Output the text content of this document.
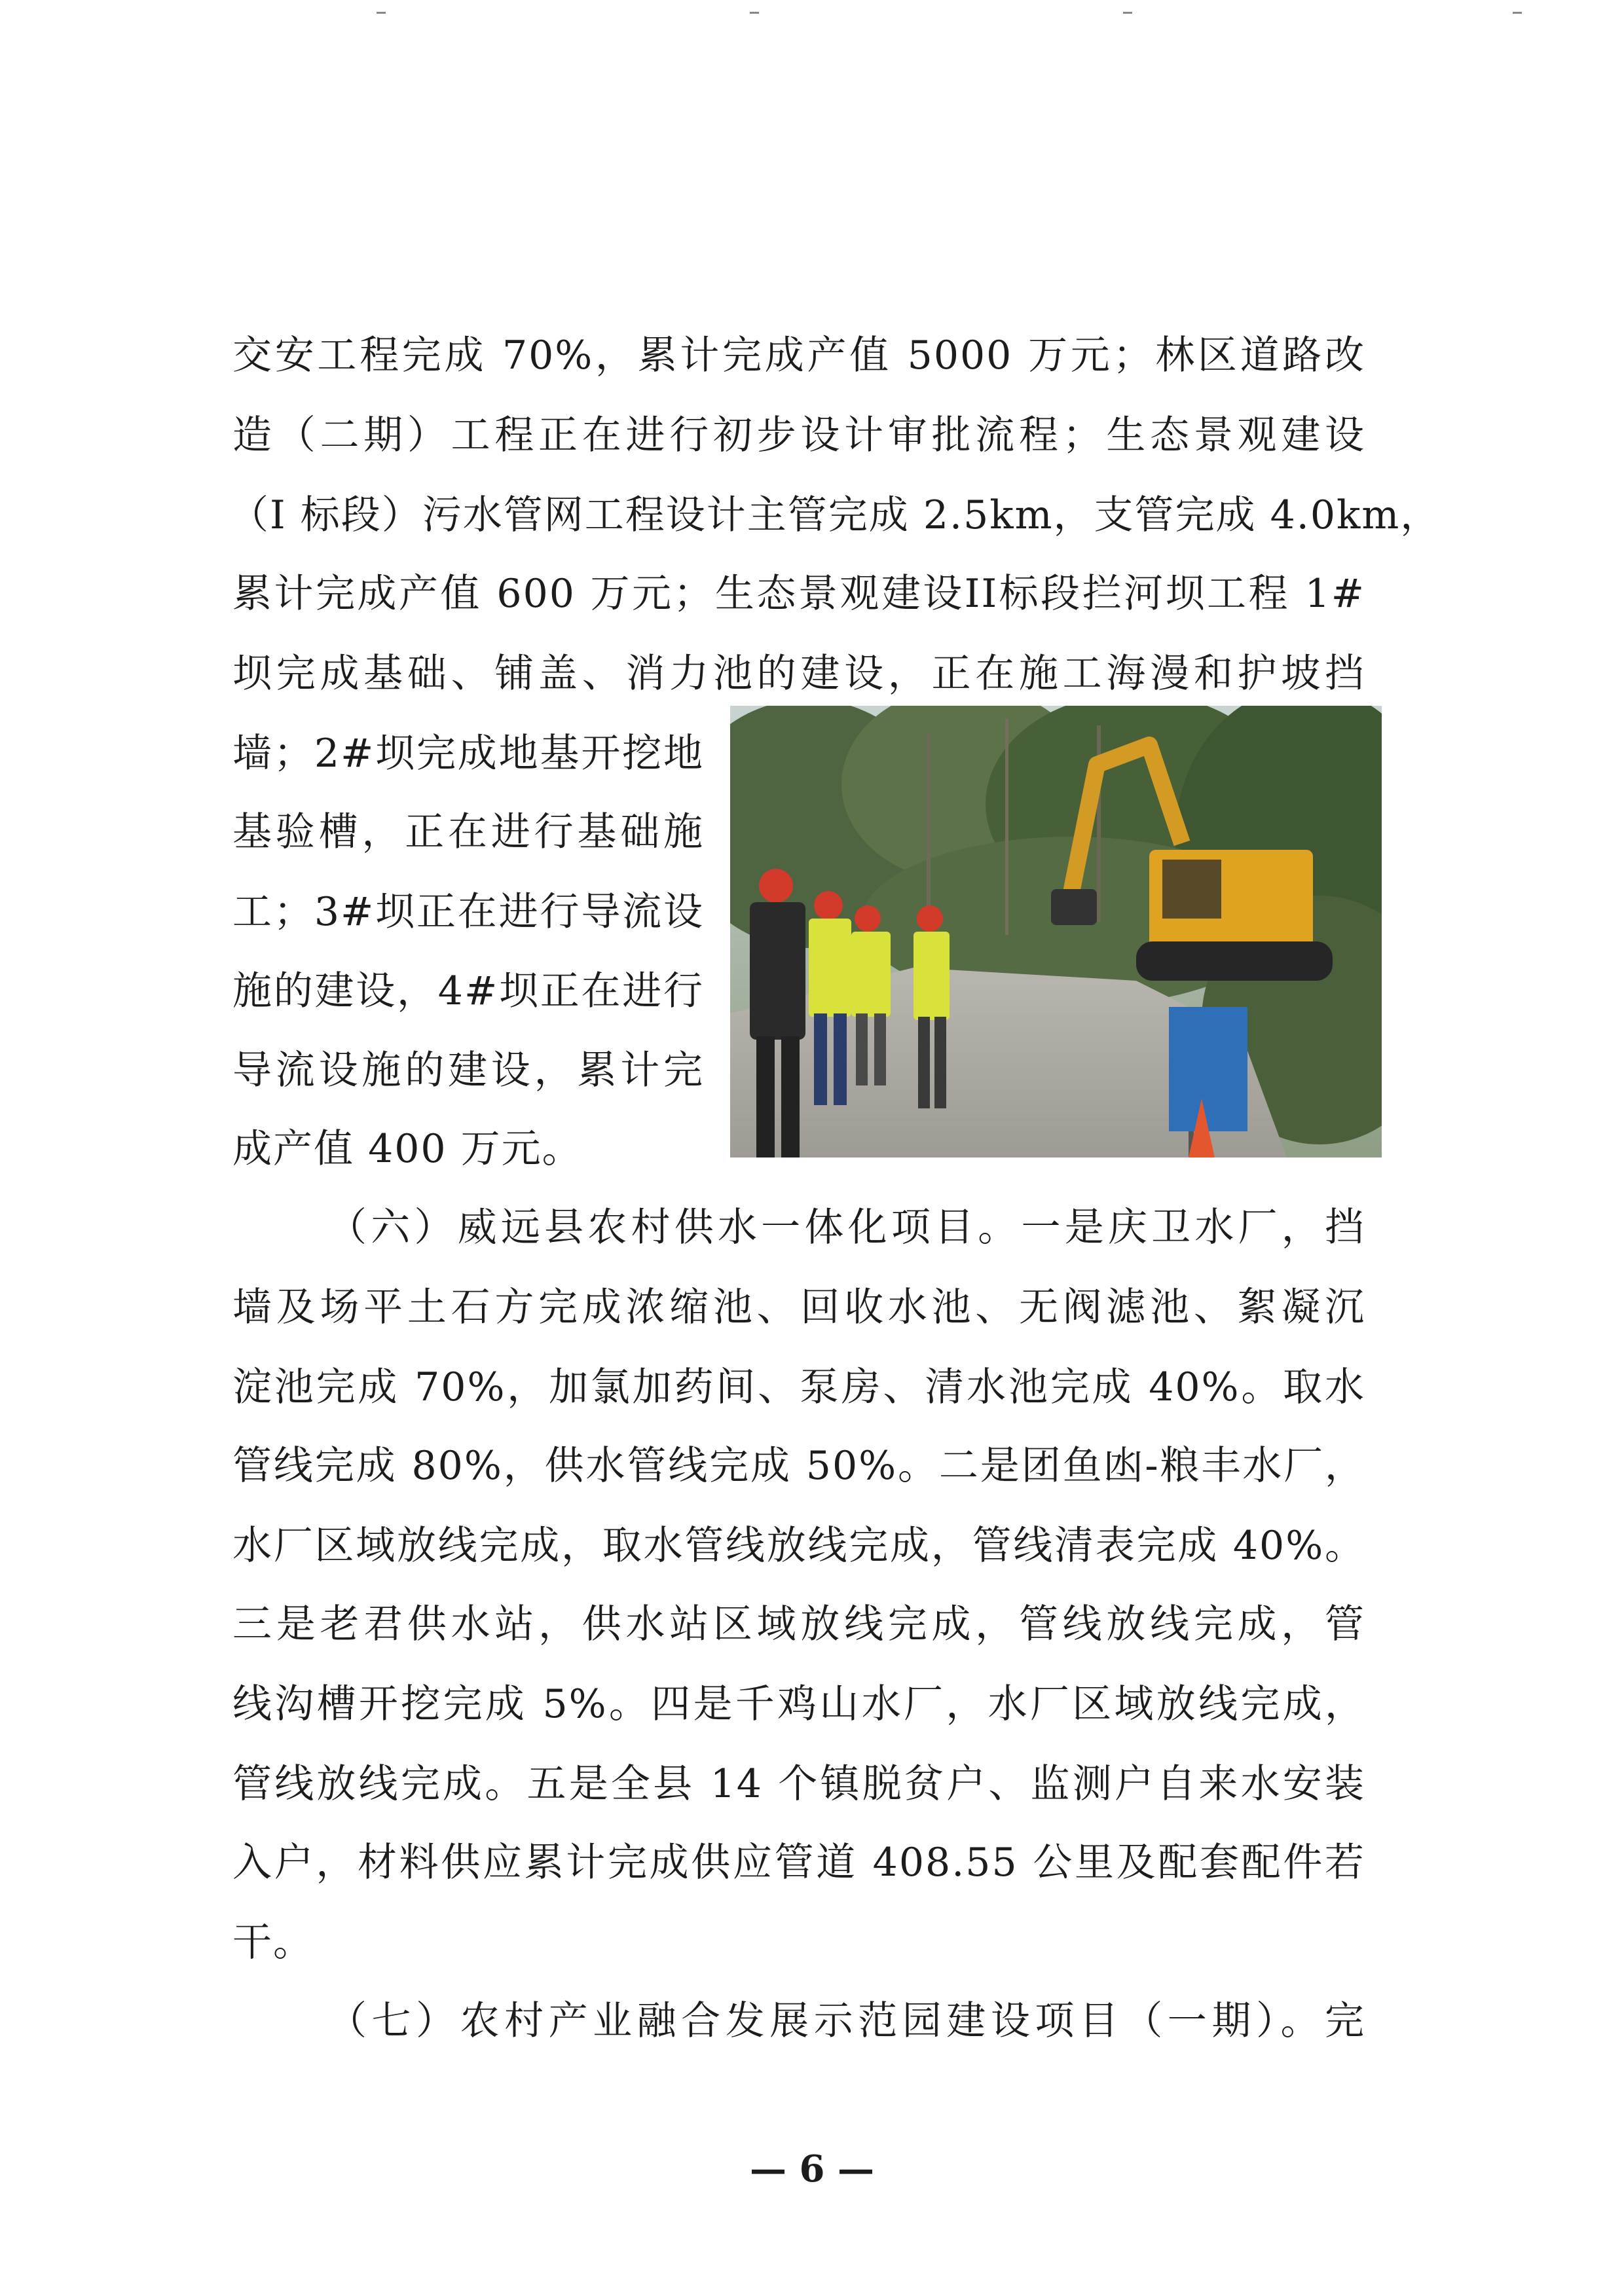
交安工程完成 70%，累计完成产值 5000 万元；林区道路改
造（二期）工程正在进行初步设计审批流程；生态景观建设
（I 标段）污水管网工程设计主管完成 2.5km，支管完成 4.0km，
累计完成产值 600 万元；生态景观建设II标段拦河坝工程 1#
坝完成基础、铺盖、消力池的建设，正在施工海漫和护坡挡
墙；2#坝完成地基开挖地
基验槽，正在进行基础施
工；3#坝正在进行导流设
施的建设，4#坝正在进行
导流设施的建设，累计完
成产值 400 万元。
（六）威远县农村供水一体化项目。一是庆卫水厂，挡
墙及场平土石方完成浓缩池、回收水池、无阀滤池、絮凝沉
淀池完成 70%，加氯加药间、泵房、清水池完成 40%。取水
管线完成 80%，供水管线完成 50%。二是团鱼凼-粮丰水厂，
水厂区域放线完成，取水管线放线完成，管线清表完成 40%。
三是老君供水站，供水站区域放线完成，管线放线完成，管
线沟槽开挖完成 5%。四是千鸡山水厂，水厂区域放线完成，
管线放线完成。五是全县 14 个镇脱贫户、监测户自来水安装
入户，材料供应累计完成供应管道 408.55 公里及配套配件若
干。
（七）农村产业融合发展示范园建设项目（一期）。完
— 6 —
